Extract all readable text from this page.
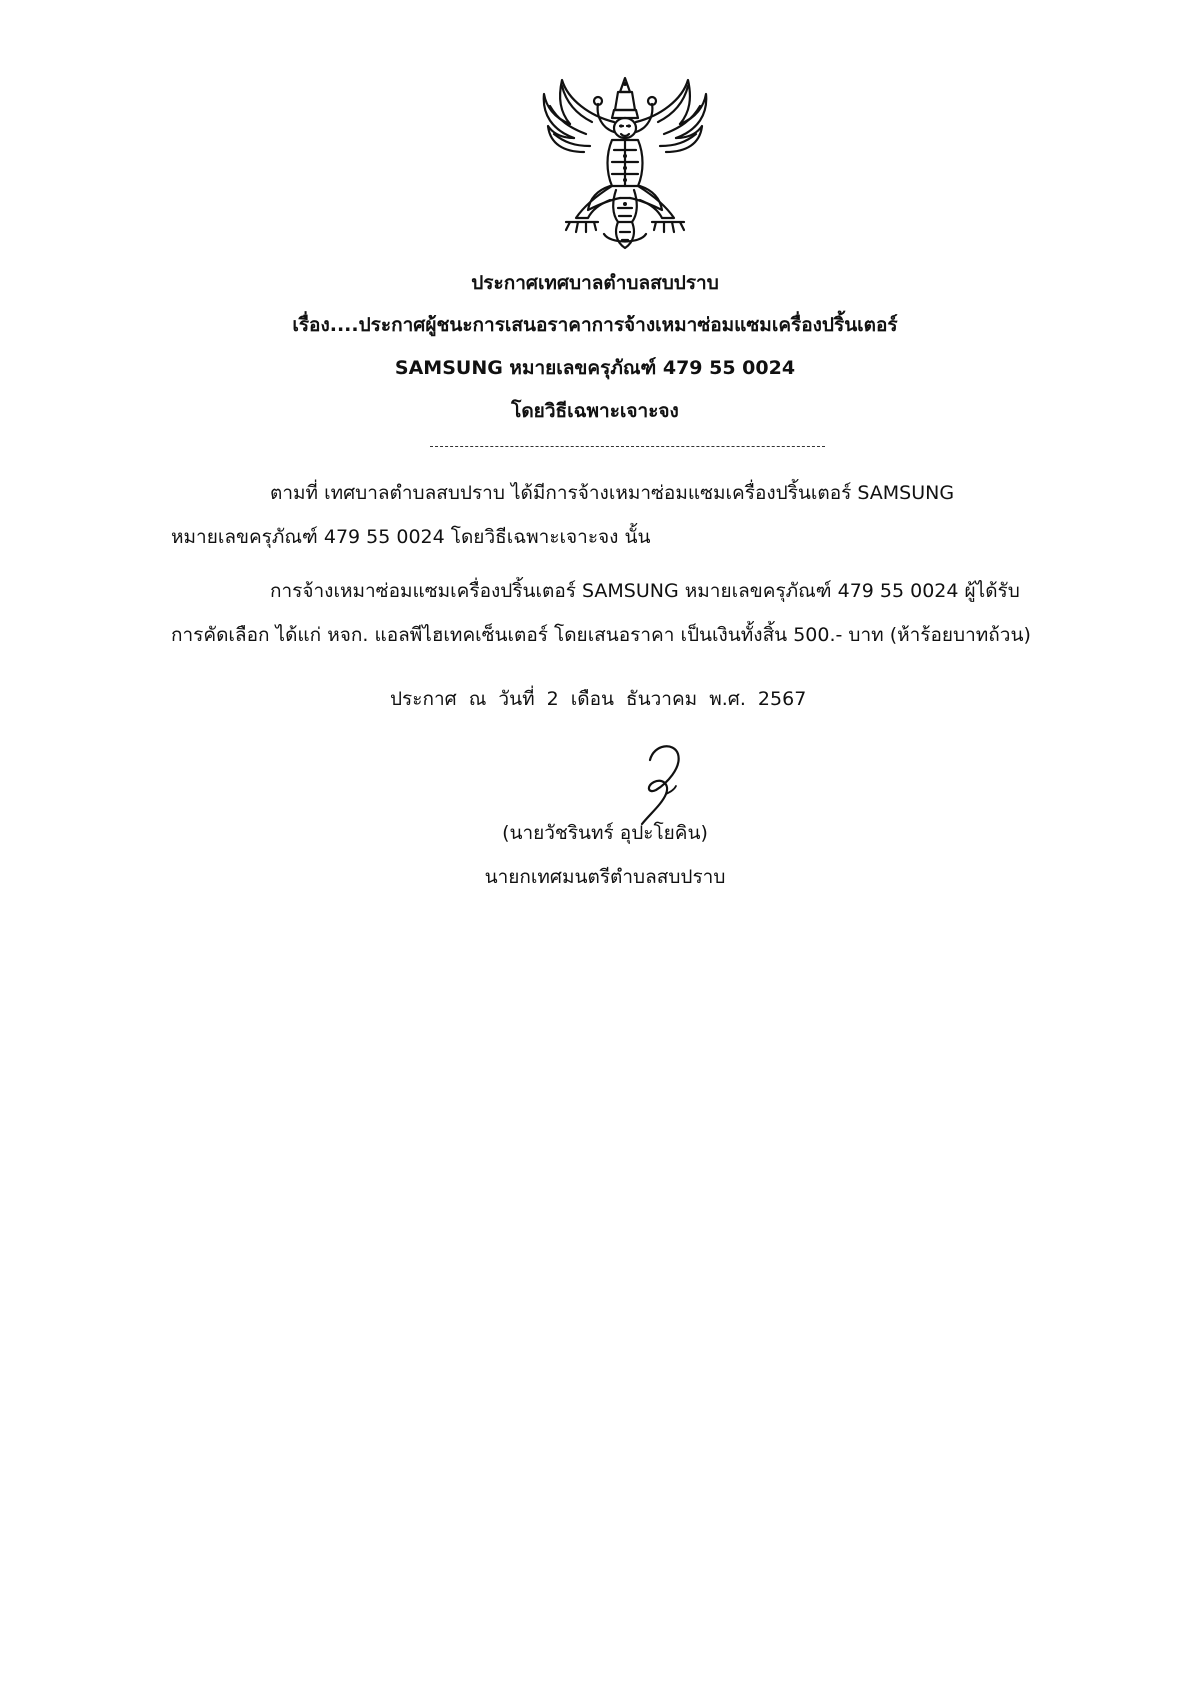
ประกาศเทศบาลตำบลสบปราบ
เรื่อง....ประกาศผู้ชนะการเสนอราคาการจ้างเหมาซ่อมแซมเครื่องปริ้นเตอร์
SAMSUNG หมายเลขครุภัณฑ์ 479 55 0024
โดยวิธีเฉพาะเจาะจง
ตามที่ เทศบาลตำบลสบปราบ ได้มีการจ้างเหมาซ่อมแซมเครื่องปริ้นเตอร์ SAMSUNG
หมายเลขครุภัณฑ์ 479 55 0024 โดยวิธีเฉพาะเจาะจง นั้น
การจ้างเหมาซ่อมแซมเครื่องปริ้นเตอร์ SAMSUNG หมายเลขครุภัณฑ์ 479 55 0024 ผู้ได้รับ
การคัดเลือก ได้แก่ หจก. แอลพีไฮเทคเซ็นเตอร์ โดยเสนอราคา เป็นเงินทั้งสิ้น 500.- บาท (ห้าร้อยบาทถ้วน)
ประกาศ ณ วันที่ 2 เดือน ธันวาคม พ.ศ. 2567
(นายวัชรินทร์ อุปะโยคิน)
นายกเทศมนตรีตำบลสบปราบ
